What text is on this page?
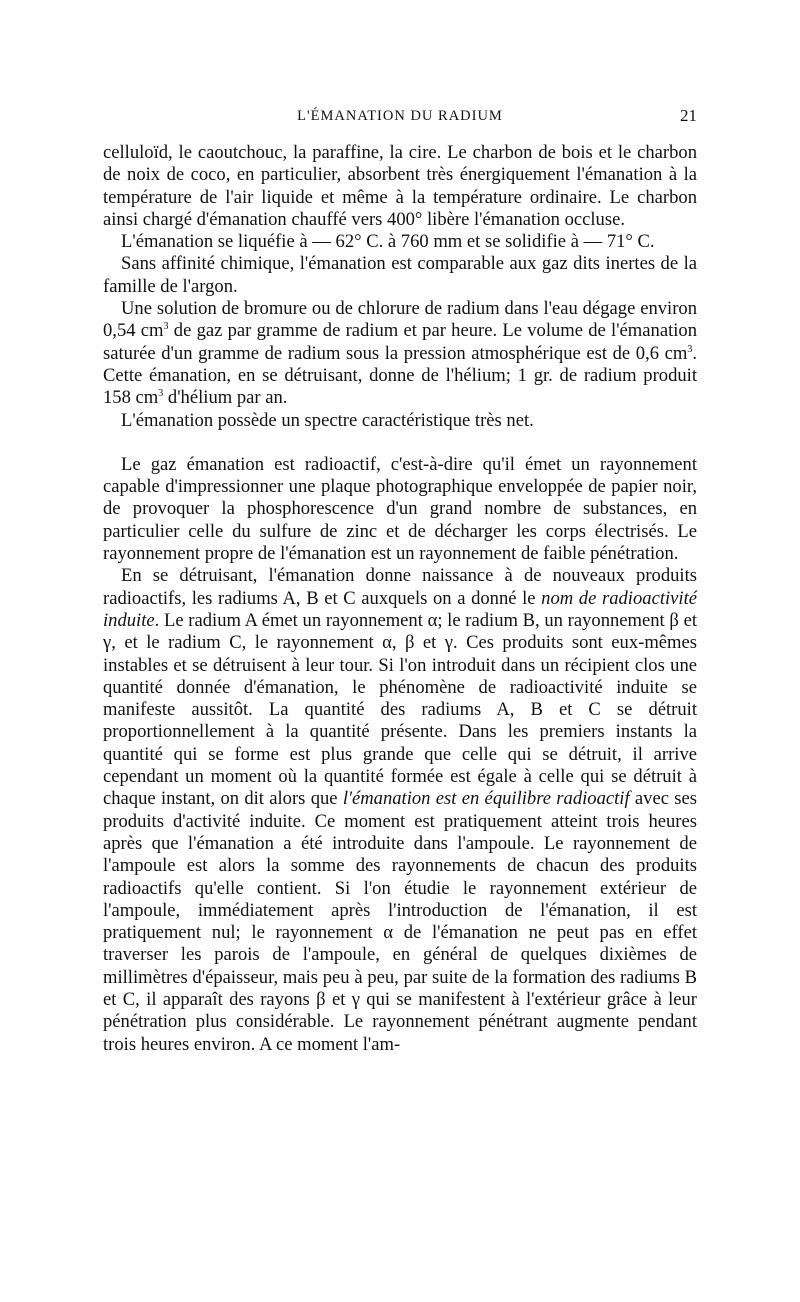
L'ÉMANATION DU RADIUM	21

celluloïd, le caoutchouc, la paraffine, la cire. Le charbon de bois et le charbon de noix de coco, en particulier, absorbent très énergiquement l'émanation à la température de l'air liquide et même à la température ordinaire. Le charbon ainsi chargé d'émanation chauffé vers 400° libère l'émanation occluse.

L'émanation se liquéfie à — 62° C. à 760 mm et se solidifie à — 71° C.

Sans affinité chimique, l'émanation est comparable aux gaz dits inertes de la famille de l'argon.

Une solution de bromure ou de chlorure de radium dans l'eau dégage environ 0,54 $cm^3$ de gaz par gramme de radium et par heure. Le volume de l'émanation saturée d'un gramme de radium sous la pression atmosphérique est de 0,6 $cm^3$. Cette émanation, en se détruisant, donne de l'hélium; 1 gr. de radium produit 158 $cm^3$ d'hélium par an.

L'émanation possède un spectre caractéristique très net.

Le gaz émanation est radioactif, c'est-à-dire qu'il émet un rayonnement capable d'impressionner une plaque photographique enveloppée de papier noir, de provoquer la phosphorescence d'un grand nombre de substances, en particulier celle du sulfure de zinc et de décharger les corps électrisés. Le rayonnement propre de l'émanation est un rayonnement de faible pénétration.

En se détruisant, l'émanation donne naissance à de nouveaux produits radioactifs, les radiums A, B et C auxquels on a donné le nom de radioactivité induite. Le radium A émet un rayonnement α; le radium B, un rayonnement β et γ, et le radium C, le rayonnement α, β et γ. Ces produits sont eux-mêmes instables et se détruisent à leur tour. Si l'on introduit dans un récipient clos une quantité donnée d'émanation, le phénomène de radioactivité induite se manifeste aussitôt. La quantité des radiums A, B et C se détruit proportionnellement à la quantité présente. Dans les premiers instants la quantité qui se forme est plus grande que celle qui se détruit, il arrive cependant un moment où la quantité formée est égale à celle qui se détruit à chaque instant, on dit alors que l'émanation est en équilibre radioactif avec ses produits d'activité induite. Ce moment est pratiquement atteint trois heures après que l'émanation a été introduite dans l'ampoule. Le rayonnement de l'ampoule est alors la somme des rayonnements de chacun des produits radioactifs qu'elle contient. Si l'on étudie le rayonnement extérieur de l'ampoule, immédiatement après l'introduction de l'émanation, il est pratiquement nul; le rayonnement α de l'émanation ne peut pas en effet traverser les parois de l'ampoule, en général de quelques dixièmes de millimètres d'épaisseur, mais peu à peu, par suite de la formation des radiums B et C, il apparaît des rayons β et γ qui se manifestent à l'extérieur grâce à leur pénétration plus considérable. Le rayonnement pénétrant augmente pendant trois heures environ. A ce moment l'am-
